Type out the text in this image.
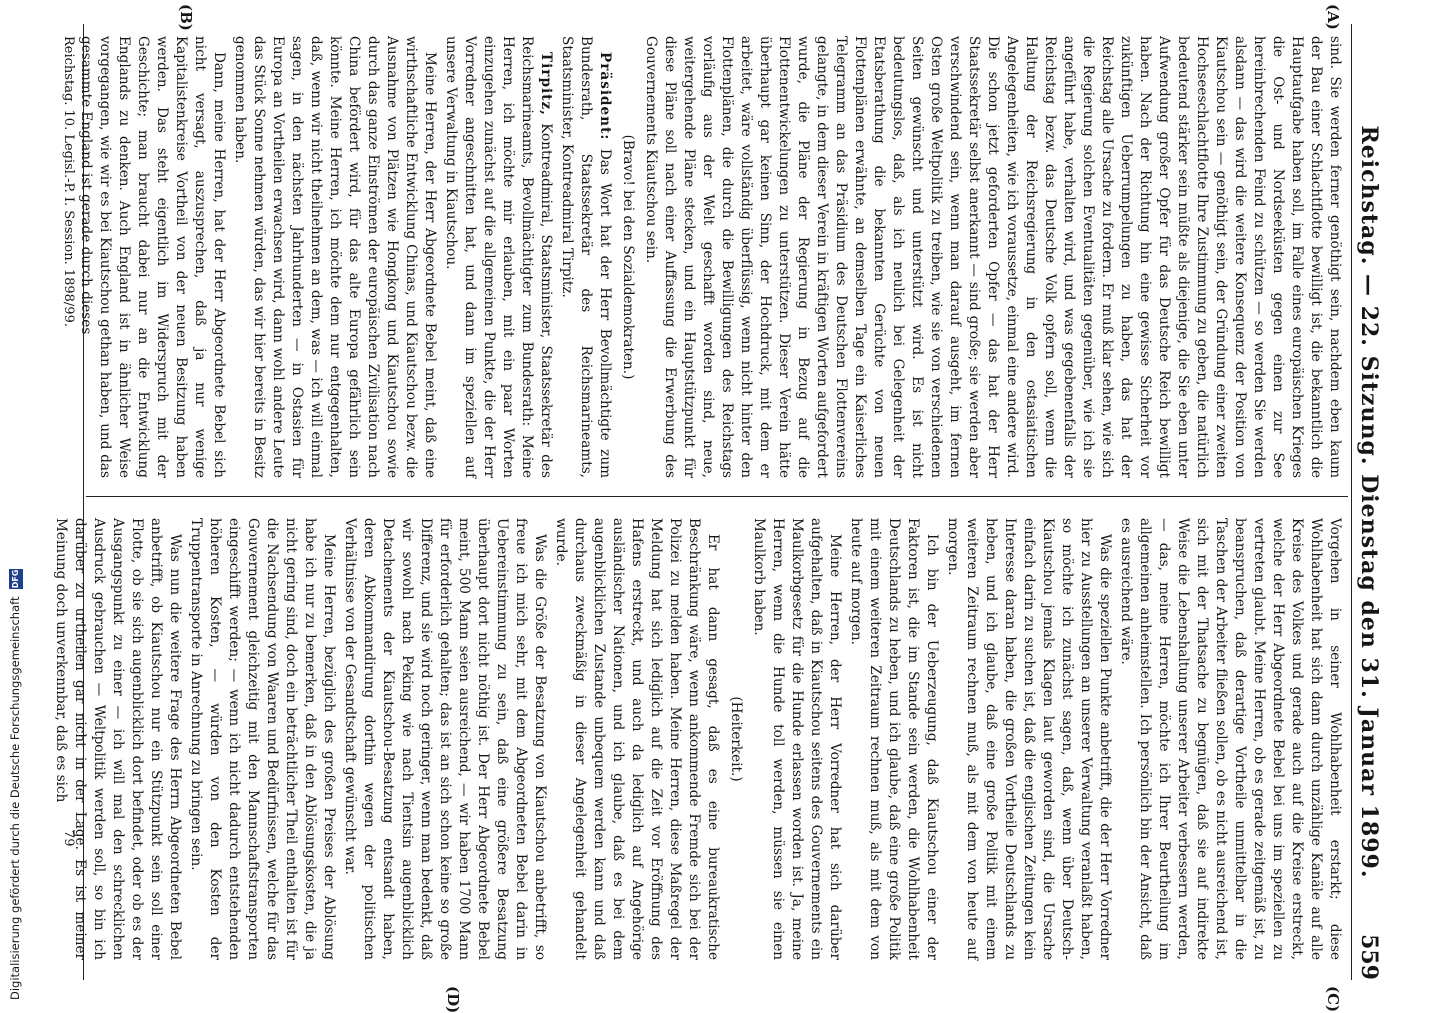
Reichstag. — 22. Sitzung. Dienstag den 31. Januar 1899.
559
(A)
(B)
(C)
(D)

sind. Sie werden ferner genöthigt sein, nachdem eben kaum der Bau einer Schlachtflotte bewilligt ist, die bekanntlich die Hauptaufgabe haben soll, im Falle eines europäischen Krieges die Ost- und Nordseeküsten gegen einen zur See hereinbrechenden Feind zu schützen — so werden Sie werden alsdann — das wird die weitere Konsequenz der Position von Kiautschou sein — genöthigt sein, der Gründung einer zweiten Hochseeschlachtflotte Ihre Zustimmung zu geben, die natürlich bedeutend stärker sein müßte als diejenige, die Sie eben unter Aufwendung großer Opfer für das Deutsche Reich bewilligt haben. Nach der Richtung hin eine gewisse Sicherheit vor zukünftigen Ueberrumpelungen zu haben, das hat der Reichstag alle Ursache zu fordern. Er muß klar sehen, wie sich die Regierung solchen Eventualitäten gegenüber, wie ich sie angeführt habe, verhalten wird, und was gegebenenfalls der Reichstag bezw. das Deutsche Volk opfern soll, wenn die Haltung der Reichsregierung in den ostasiatischen Angelegenheiten, wie ich voraussetze, einmal eine andere wird. Die schon jetzt geforderten Opfer — das hat der Herr Staatssekretär selbst anerkannt — sind große; sie werden aber verschwindend sein, wenn man darauf ausgeht, im fernen Osten große Weltpolitik zu treiben, wie sie von verschiedenen Seiten gewünscht und unterstützt wird. Es ist nicht bedeutungslos, daß, als ich neulich bei Gelegenheit der Etatsberathung die bekannten Gerüchte von neuen Flottenplänen erwähnte, an demselben Tage ein Kaiserliches Telegramm an das Präsidium des Deutschen Flottenvereins gelangte, in dem dieser Verein in kräftigen Worten aufgefordert wurde, die Pläne der Regierung in Bezug auf die Flottenentwickelungen zu unterstützen. Dieser Verein hätte überhaupt gar keinen Sinn, der Hochdruck, mit dem er arbeitet, wäre vollständig überflüssig, wenn nicht hinter den Flottenplänen, die durch die Bewilligungen des Reichstags vorläufig aus der Welt geschafft worden sind, neue, weitergehende Pläne stecken, und ein Hauptstützpunkt für diese Pläne soll nach einer Auffassung die Erwerbung des Gouvernements Kiautschou sein.

(Bravo! bei den Sozialdemokraten.)

Präsident: Das Wort hat der Herr Bevollmächtigte zum Bundesrath, Staatssekretär des Reichsmarineamts, Staatsminister, Kontreadmiral Tirpitz.

Tirpitz, Kontreadmiral, Staatsminister, Staatssekretär des Reichsmarineamts, Bevollmächtigter zum Bundesrath: Meine Herren, ich möchte mir erlauben, mit ein paar Worten einzugehen zunächst auf die allgemeinen Punkte, die der Herr Vorredner angeschnitten hat, und dann im speziellen auf unsere Verwaltung in Kiautschou.

Meine Herren, der Herr Abgeordnete Bebel meint, daß eine wirthschaftliche Entwicklung Chinas, und Kiautschou bezw. die Ausnahme von Plätzen wie Hongkong und Kiautschou sowie durch das ganze Einströmen der europäischen Zivilisation nach China befördert wird, für das alte Europa gefährlich sein könnte. Meine Herren, ich möchte dem nur entgegenhalten, daß, wenn wir nicht theilnehmen an dem, was — ich will einmal sagen, in den nächsten Jahrhunderten — in Ostasien für Europa an Vortheilen erwachsen wird, dann wohl andere Leute das Stück Sonne nehmen würden, das wir hier bereits in Besitz genommen haben.

Dann, meine Herren, hat der Herr Abgeordnete Bebel sich nicht versagt, auszusprechen, daß ja nur wenige Kapitalistenkreise Vortheil von der neuen Besitzung haben werden. Das steht eigentlich im Widerspruch mit der Geschichte; man braucht dabei nur an die Entwicklung Englands zu denken. Auch England ist in ähnlicher Weise vorgegangen, wie wir es bei Kiautschou gethan haben, und das gesammte England ist gerade durch dieses

Vorgehen in seiner Wohlhabenheit erstarkt; diese Wohlhabenheit hat sich dann durch unzählige Kanäle auf alle Kreise des Volkes und gerade auch auf die Kreise erstreckt, welche der Herr Abgeordnete Bebel bei uns im speziellen zu vertreten glaubt. Meine Herren, ob es gerade zeitgemäß ist, zu beanspruchen, daß derartige Vortheile unmittelbar in die Taschen der Arbeiter fließen sollen, ob es nicht ausreichend ist, sich mit der Thatsache zu begnügen, daß sie auf indirekte Weise die Lebenshaltung unserer Arbeiter verbessern werden, — das, meine Herren, möchte ich Ihrer Beurtheilung im allgemeinen anheimstellen. Ich persönlich bin der Ansicht, daß es ausreichend wäre.

Was die speziellen Punkte anbetrifft, die der Herr Vorredner hier zu Ausstellungen an unserer Verwaltung veranlaßt haben, so möchte ich zunächst sagen, daß, wenn über Deutsch-Kiautschou jemals Klagen laut geworden sind, die Ursache einfach darin zu suchen ist, daß die englischen Zeitungen kein Interesse daran haben, die großen Vortheile Deutschlands zu heben, und ich glaube, daß eine große Politik mit einem weiteren Zeitraum rechnen muß, als mit dem von heute auf morgen.

Ich bin der Ueberzeugung, daß Kiautschou einer der Faktoren ist, die im Stande sein werden, die Wohlhabenheit Deutschlands zu heben, und ich glaube, daß eine große Politik mit einem weiteren Zeitraum rechnen muß, als mit dem von heute auf morgen.

Meine Herren, der Herr Vorredner hat sich darüber aufgehalten, daß in Kiautschou seitens des Gouvernements ein Maulkorbgesetz für die Hunde erlassen worden ist. Ja, meine Herren, wenn die Hunde toll werden, müssen sie einen Maulkorb haben.

(Heiterkeit.)

Er hat dann gesagt, daß es eine bureaukratische Beschränkung wäre, wenn ankommende Fremde sich bei der Polizei zu melden haben. Meine Herren, diese Maßregel der Meldung hat sich lediglich auf die Zeit vor Eröffnung des Hafens erstreckt, und auch da lediglich auf Angehörige ausländischer Nationen, und ich glaube, daß es bei dem augenblicklichen Zustande unbequem werden kann und daß durchaus zweckmäßig in dieser Angelegenheit gehandelt wurde.

Was die Größe der Besatzung von Kiautschou anbetrifft, so freue ich mich sehr, mit dem Abgeordneten Bebel darin in Uebereinstimmung zu sein, daß eine größere Besatzung überhaupt dort nicht nöthig ist. Der Herr Abgeordnete Bebel meint, 500 Mann seien ausreichend, — wir haben 1700 Mann für erforderlich gehalten; das ist an sich schon keine so große Differenz, und sie wird noch geringer, wenn man bedenkt, daß wir sowohl nach Peking wie nach Tientsin augenblicklich Detachements der Kiautschou-Besatzung entsandt haben, deren Abkommandirung dorthin wegen der politischen Verhältnisse von der Gesandtschaft gewünscht war.

Meine Herren, bezüglich des großen Preises der Ablösung habe ich nur zu bemerken, daß in den Ablösungskosten, die ja nicht gering sind, doch ein beträchtlicher Theil enthalten ist für die Nachsendung von Waaren und Bedürfnissen, welche für das Gouvernement gleichzeitig mit den Mannschaftstransporten eingeschifft werden; — wenn ich nicht dadurch entstehenden höheren Kosten, — würden von den Kosten der Truppentransporte in Anrechnung zu bringen sein.

Was nun die weitere Frage des Herrn Abgeordneten Bebel anbetrifft, ob Kiautschou nur ein Stützpunkt sein soll einer Flotte, ob sie sich augenblicklich dort befindet, oder ob es der Ausgangspunkt zu einer — ich will mal den schrecklichen Ausdruck gebrauchen — Weltpolitik werden soll, so bin ich darüber zu urtheilen gar nicht in der Lage. Es ist meiner Meinung doch unverkennbar, daß es sich

Reichstag. 10. Legisl.-P. I. Session. 1898/99.
79
Digitalisierung gefördert durch die Deutsche Forschungsgemeinschaft DFG
